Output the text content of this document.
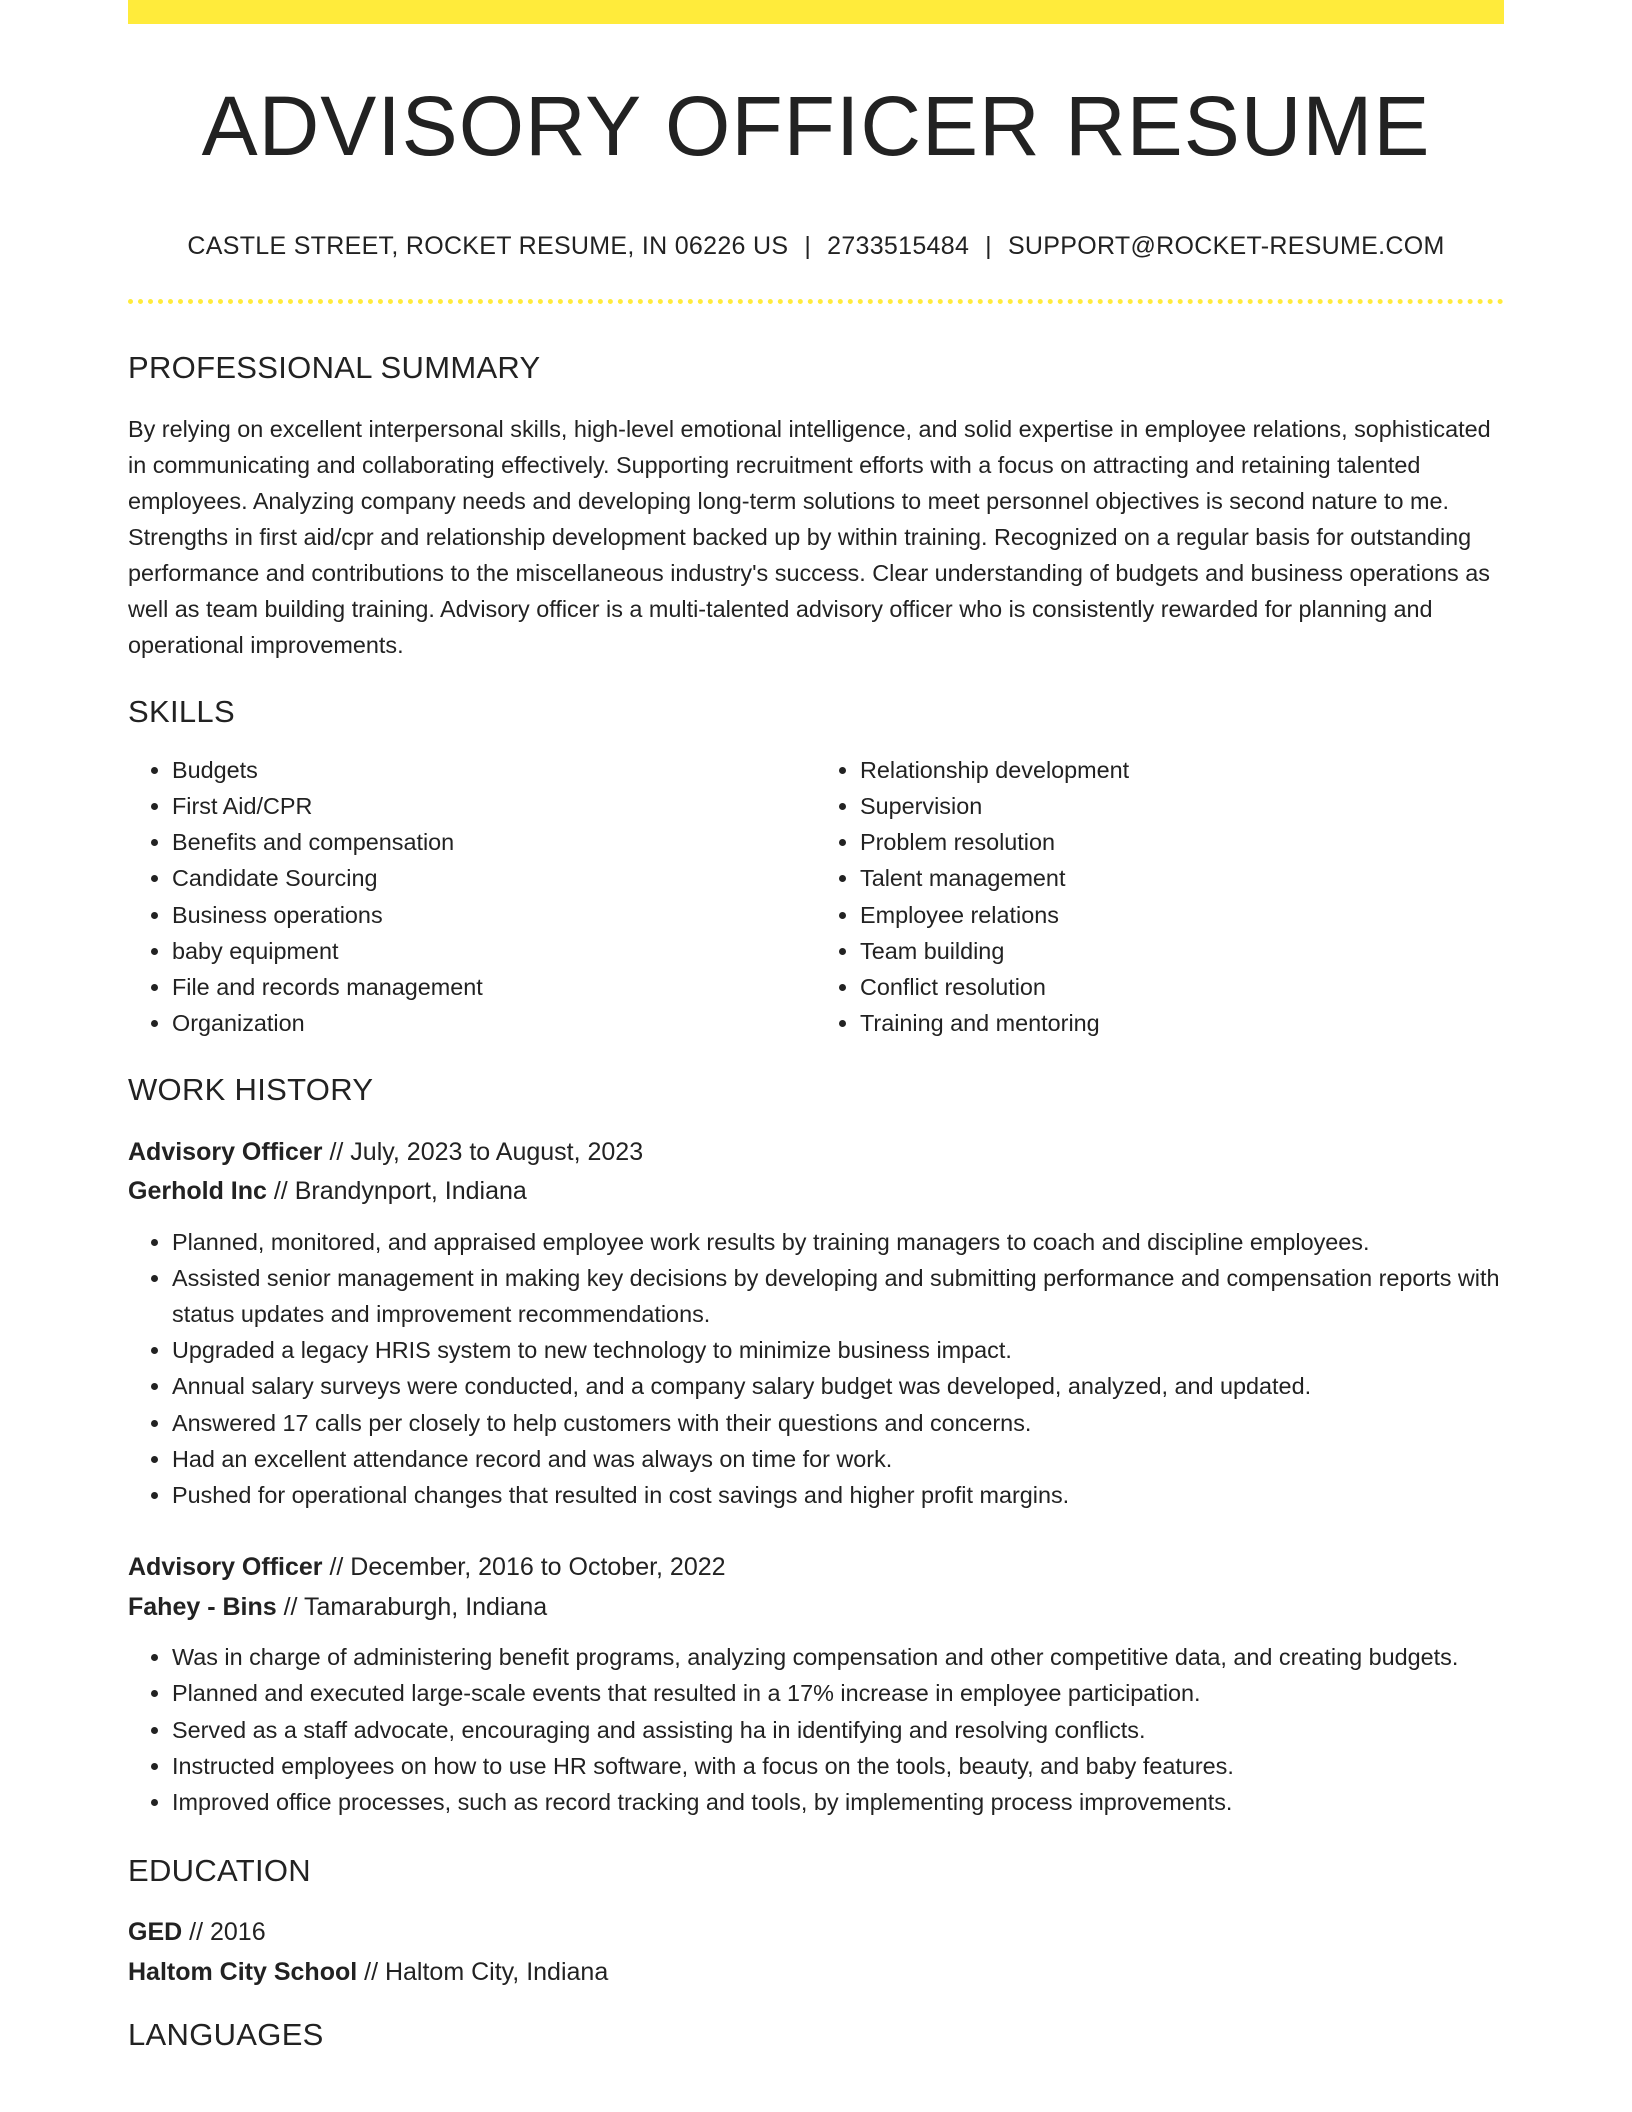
ADVISORY OFFICER RESUME
CASTLE STREET, ROCKET RESUME, IN 06226 US | 2733515484 | SUPPORT@ROCKET-RESUME.COM
PROFESSIONAL SUMMARY

By relying on excellent interpersonal skills, high-level emotional intelligence, and solid expertise in employee relations, sophisticated in communicating and collaborating effectively. Supporting recruitment efforts with a focus on attracting and retaining talented employees. Analyzing company needs and developing long-term solutions to meet personnel objectives is second nature to me. Strengths in first aid/cpr and relationship development backed up by within training. Recognized on a regular basis for outstanding performance and contributions to the miscellaneous industry's success. Clear understanding of budgets and business operations as well as team building training. Advisory officer is a multi-talented advisory officer who is consistently rewarded for planning and operational improvements.

SKILLS
• Budgets
• First Aid/CPR
• Benefits and compensation
• Candidate Sourcing
• Business operations
• baby equipment
• File and records management
• Organization
• Relationship development
• Supervision
• Problem resolution
• Talent management
• Employee relations
• Team building
• Conflict resolution
• Training and mentoring
WORK HISTORY
Advisory Officer // July, 2023 to August, 2023
Gerhold Inc // Brandynport, Indiana
• Planned, monitored, and appraised employee work results by training managers to coach and discipline employees.
• Assisted senior management in making key decisions by developing and submitting performance and compensation reports with status updates and improvement recommendations.
• Upgraded a legacy HRIS system to new technology to minimize business impact.
• Annual salary surveys were conducted, and a company salary budget was developed, analyzed, and updated.
• Answered 17 calls per closely to help customers with their questions and concerns.
• Had an excellent attendance record and was always on time for work.
• Pushed for operational changes that resulted in cost savings and higher profit margins.
Advisory Officer // December, 2016 to October, 2022
Fahey - Bins // Tamaraburgh, Indiana
• Was in charge of administering benefit programs, analyzing compensation and other competitive data, and creating budgets.
• Planned and executed large-scale events that resulted in a 17% increase in employee participation.
• Served as a staff advocate, encouraging and assisting ha in identifying and resolving conflicts.
• Instructed employees on how to use HR software, with a focus on the tools, beauty, and baby features.
• Improved office processes, such as record tracking and tools, by implementing process improvements.
EDUCATION
GED // 2016
Haltom City School // Haltom City, Indiana
LANGUAGES
